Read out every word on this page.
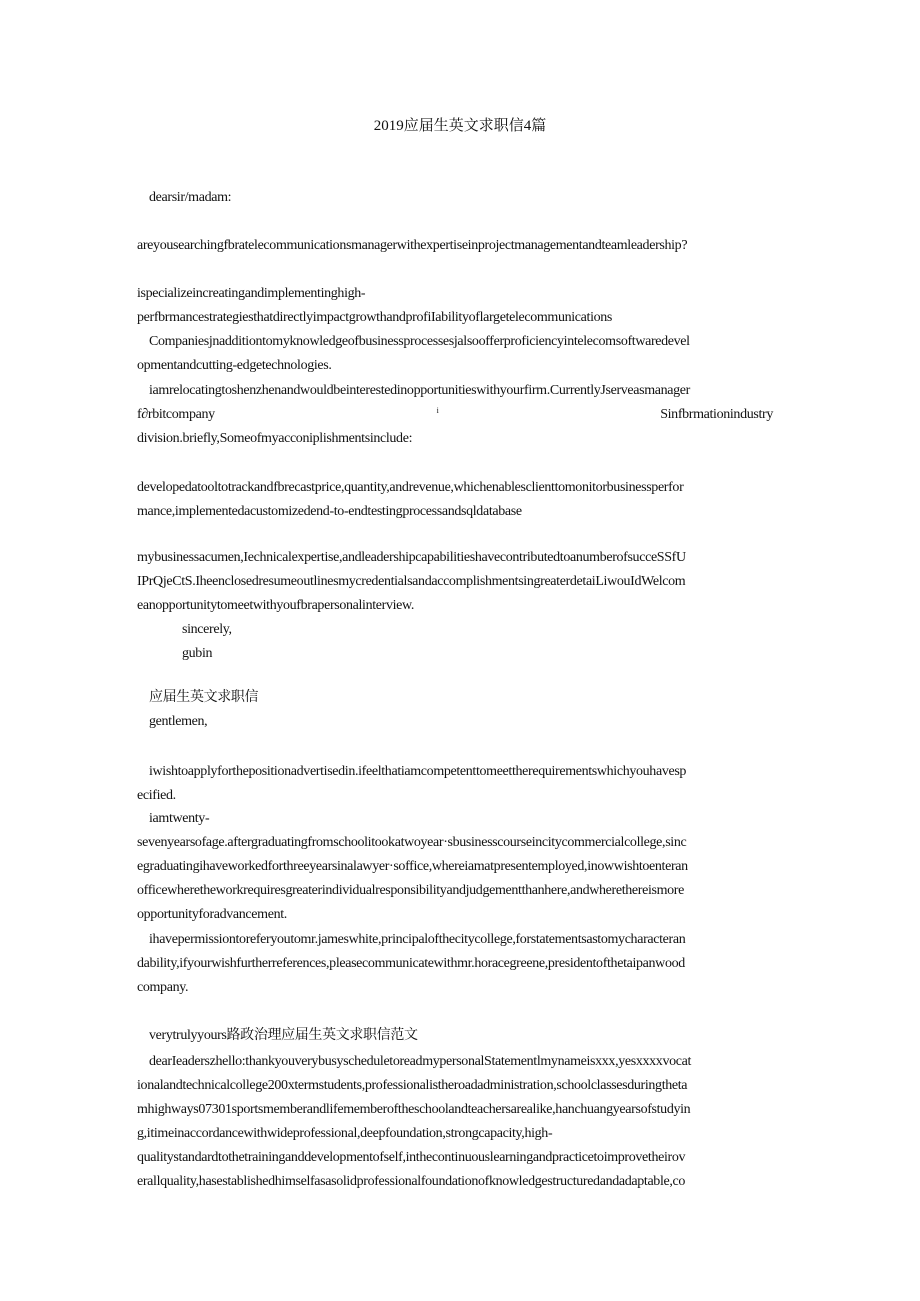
2019应届生英文求职信4篇
dearsir/madam:
areyousearchingfbratelecommunicationsmanagerwithexpertiseinprojectmanagementandteamleadership?
ispecializeincreatingandimplementinghigh-
perfbrmancestrategiesthatdirectlyimpactgrowthandprofiIabilityoflargetelecommunications
Companiesjnadditiontomyknowledgeofbusinessprocessesjalsoofferproficiencyintelecomsoftwaredevel
opmentandcutting-edgetechnologies.
iamrelocatingtoshenzhenandwouldbeinterestedinopportunitieswithyourfirm.CurrentlyJserveasmanager
f∂rbitcompany	i	Sinfbrmationindustry
division.briefly,Someofmyacconiplishmentsinclude:
developedatooltotrackandfbrecastprice,quantity,andrevenue,whichenablesclienttomonitorbusinessperfor
mance,implementedacustomizedend-to-endtestingprocessandsqldatabase
mybusinessacumen,Iechnicalexpertise,andleadershipcapabilitieshavecontributedtoanumberofsucceSSfU
IPrQjeCtS.IheenclosedresumeoutlinesmycredentialsandaccomplishmentsingreaterdetaiLiwouIdWelcom
eanopportunitytomeetwithyoufbrapersonalinterview.
sincerely,
gubin
应届生英文求职信
gentlemen,
iwishtoapplyforthepositionadvertisedin.ifeelthatiamcompetenttomeettherequirementswhichyouhavesp
ecified.
iamtwenty-
sevenyearsofage.aftergraduatingfromschoolitookatwoyear·sbusinesscourseincitycommercialcollege,sinc
egraduatingihaveworkedforthreeyearsinalawyer·soffice,whereiamatpresentemployed,inowwishtoenteran
officewheretheworkrequiresgreaterindividualresponsibilityandjudgementthanhere,andwherethereismore
opportunityforadvancement.
ihavepermissiontoreferyoutomr.jameswhite,principalofthecitycollege,forstatementsastomycharacteran
dability,ifyourwishfurtherreferences,pleasecommunicatewithmr.horacegreene,presidentofthetaipanwood
company.
verytrulyyours路政治理应届生英文求职信范文
dearIeaderszhello:thankyouverybusyscheduletoreadmypersonalStatementlmynameisxxx,yesxxxxvocat
ionalandtechnicalcollege200xtermstudents,professionalistheroadadministration,schoolclassesduringtheta
mhighways07301sportsmemberandlifememberoftheschoolandteachersarealike,hanchuangyearsofstudyin
g,itimeinaccordancewithwideprofessional,deepfoundation,strongcapacity,high-
qualitystandardtothetraininganddevelopmentofself,inthecontinuouslearningandpracticetoimprovetheirov
erallquality,hasestablishedhimselfasasolidprofessionalfoundationofknowledgestructuredandadaptable,co
